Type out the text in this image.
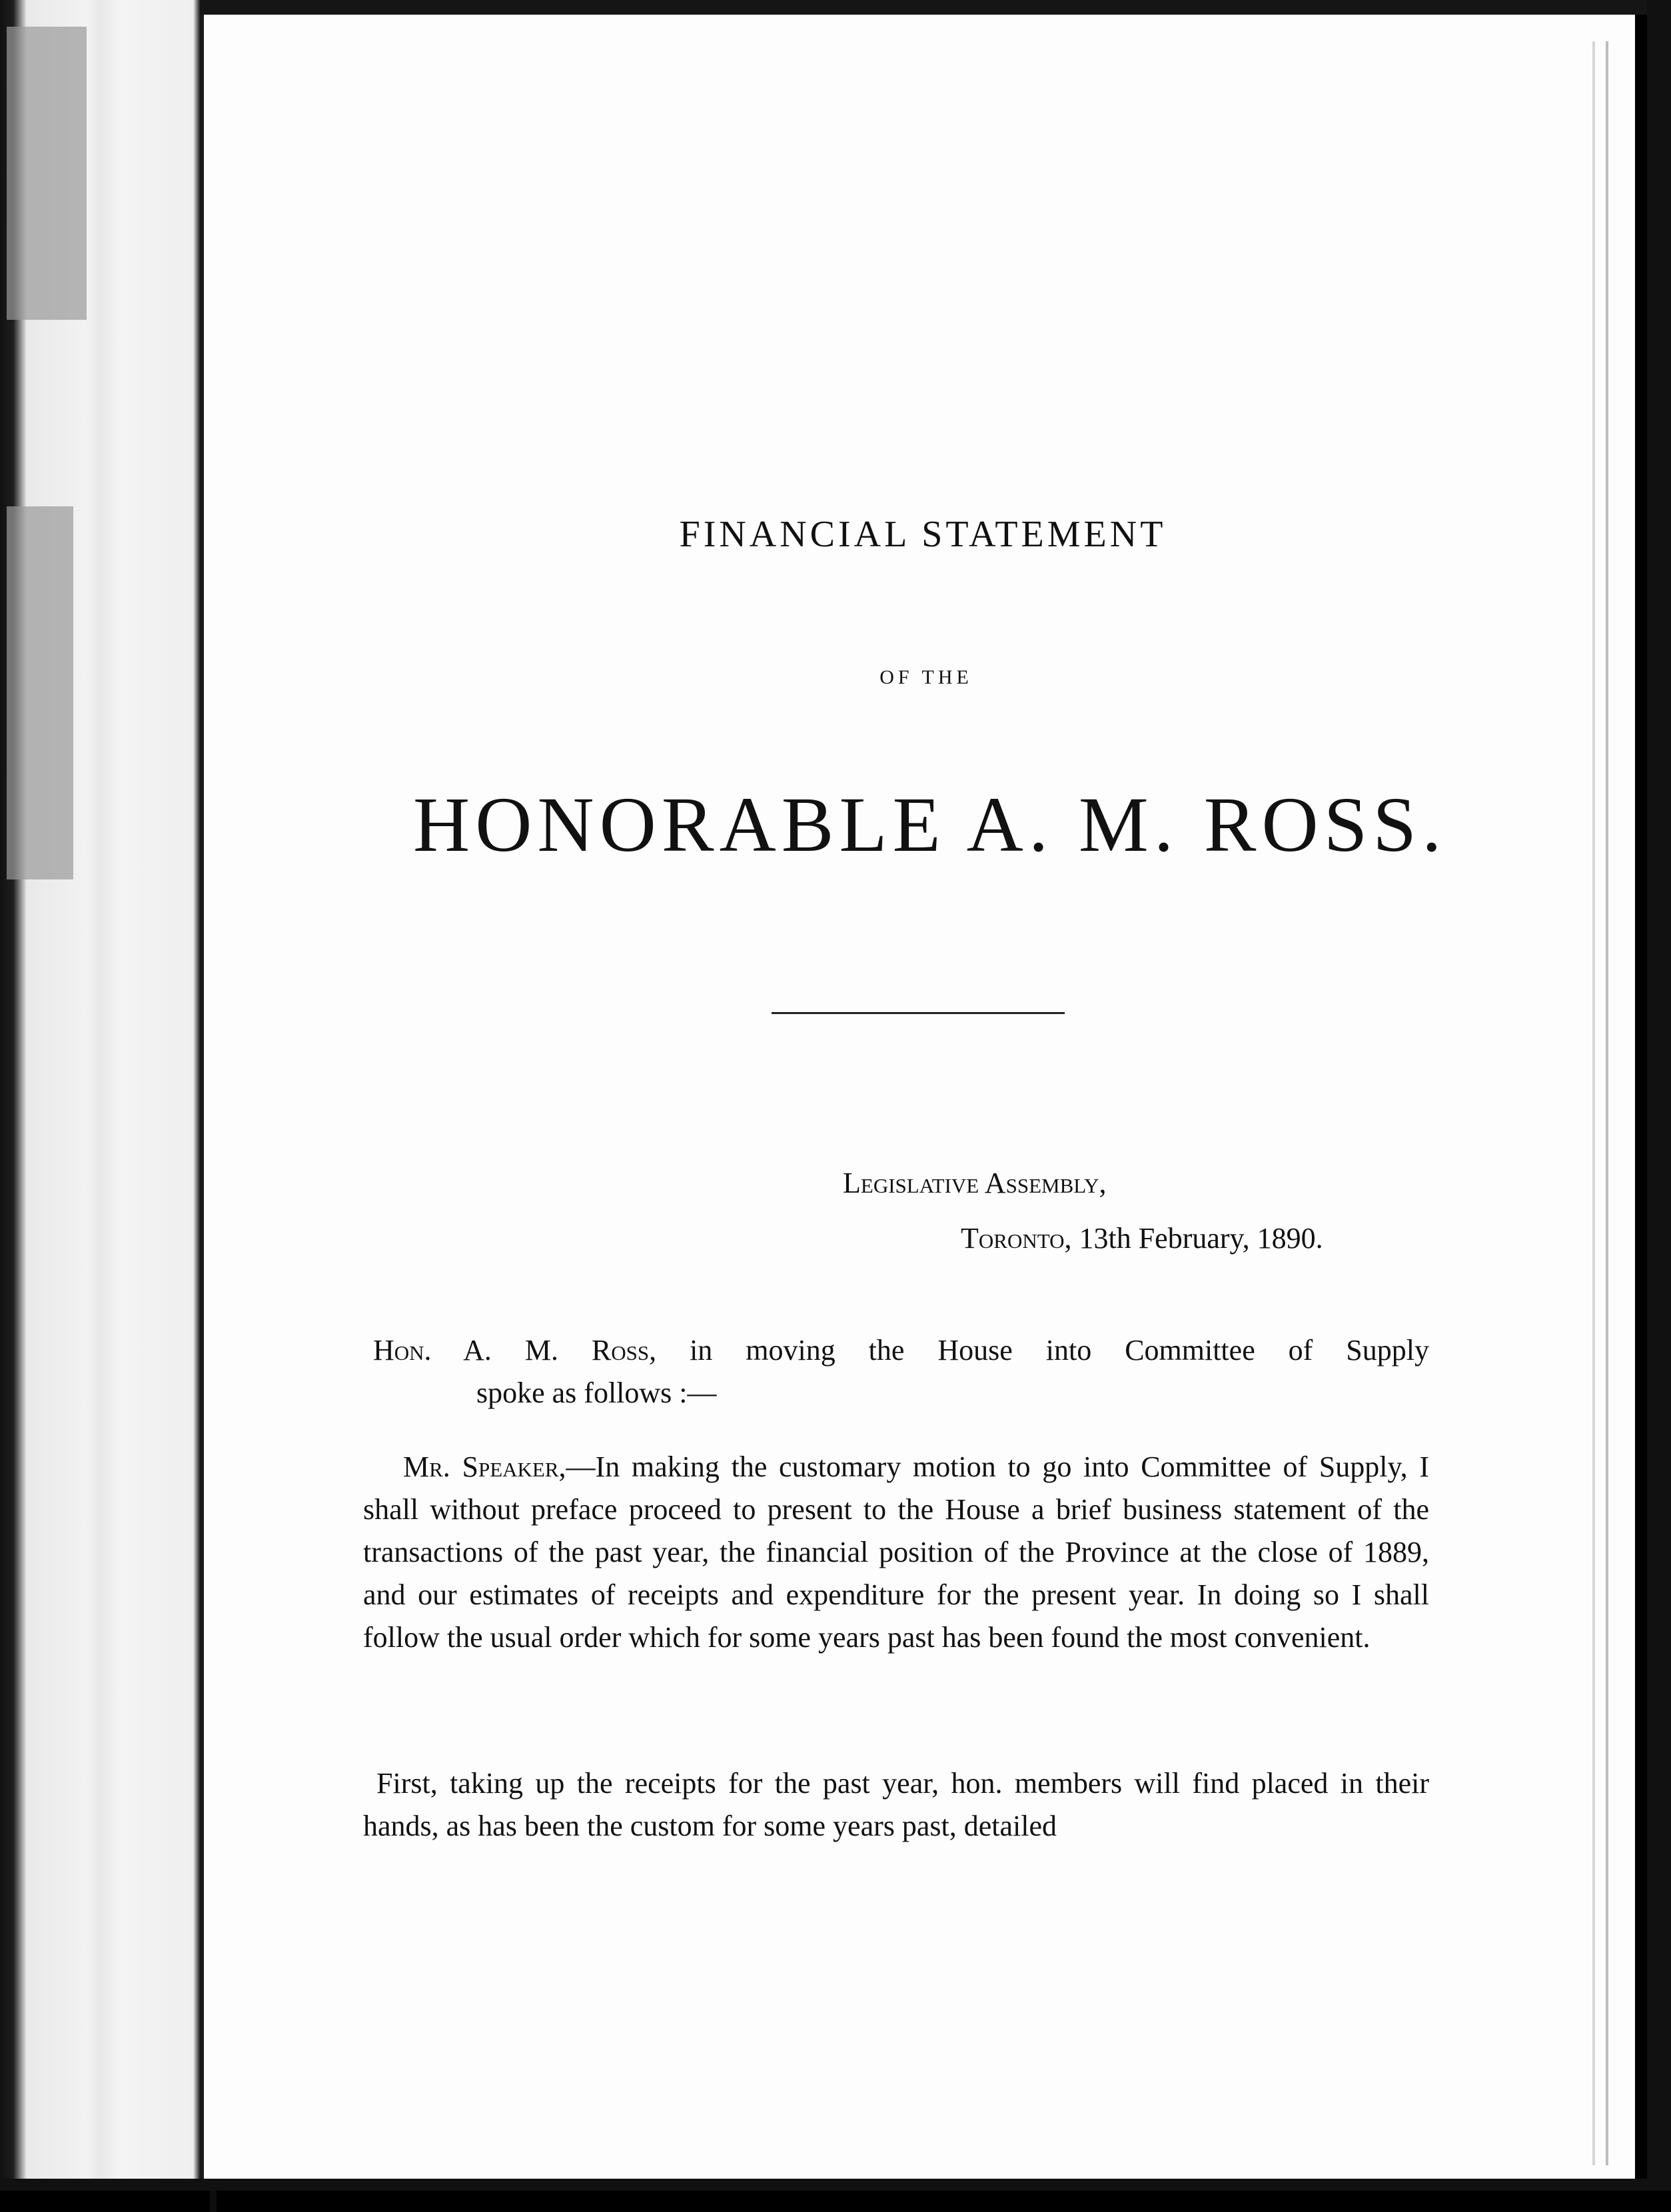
FINANCIAL STATEMENT
OF THE
HONORABLE A. M. ROSS.
Legislative Assembly,
Toronto, 13th February, 1890.
Hon. A. M. Ross, in moving the House into Committee of Supply
spoke as follows :—
Mr. Speaker,—In making the customary motion to go into Committee of Supply, I shall without preface proceed to present to the House a brief business statement of the transactions of the past year, the financial position of the Province at the close of 1889, and our estimates of receipts and expenditure for the present year. In doing so I shall follow the usual order which for some years past has been found the most convenient.
First, taking up the receipts for the past year, hon. members will find placed in their hands, as has been the custom for some years past, detailed
